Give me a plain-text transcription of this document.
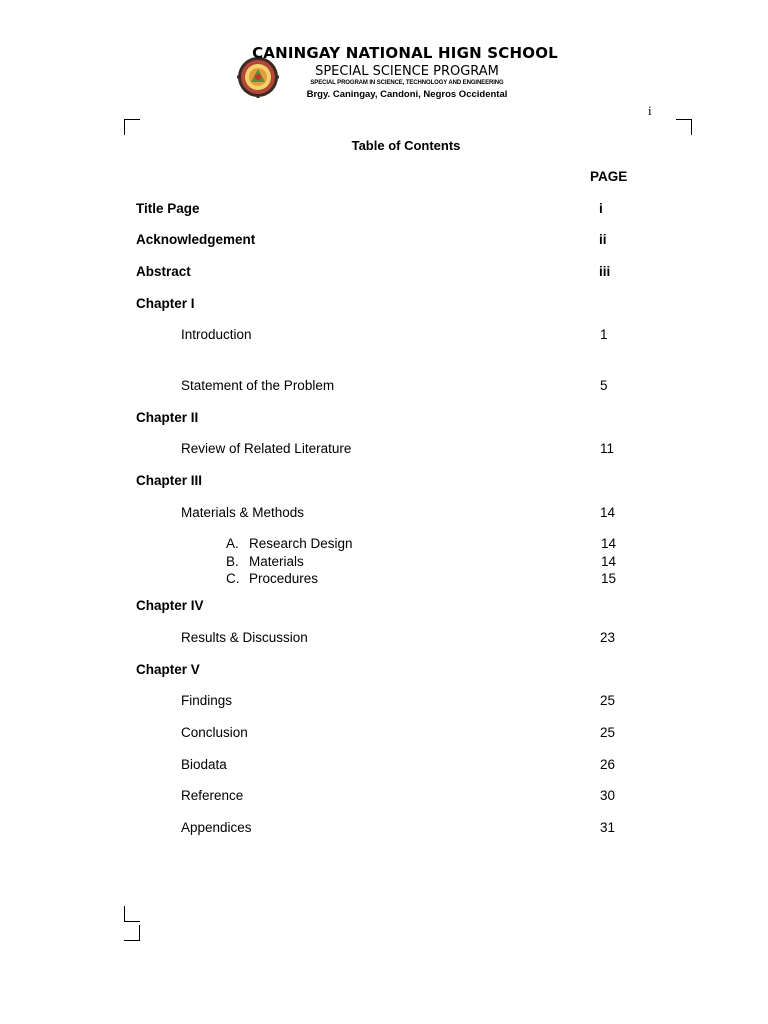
CANINGAY NATIONAL HIGN SCHOOL
SPECIAL SCIENCE PROGRAM
SPECIAL PROGRAM IN SCIENCE, TECHNOLOGY AND ENGINEERING
Brgy. Caningay, Candoni, Negros Occidental
i
Table of Contents
PAGE
Title Page	i
Acknowledgement	ii
Abstract	iii
Chapter I
Introduction	1
Statement of the Problem	5
Chapter II
Review of Related Literature	11
Chapter III
Materials & Methods	14
A. Research Design	14
B. Materials	14
C. Procedures	15
Chapter IV
Results & Discussion	23
Chapter V
Findings	25
Conclusion	25
Biodata	26
Reference	30
Appendices	31
